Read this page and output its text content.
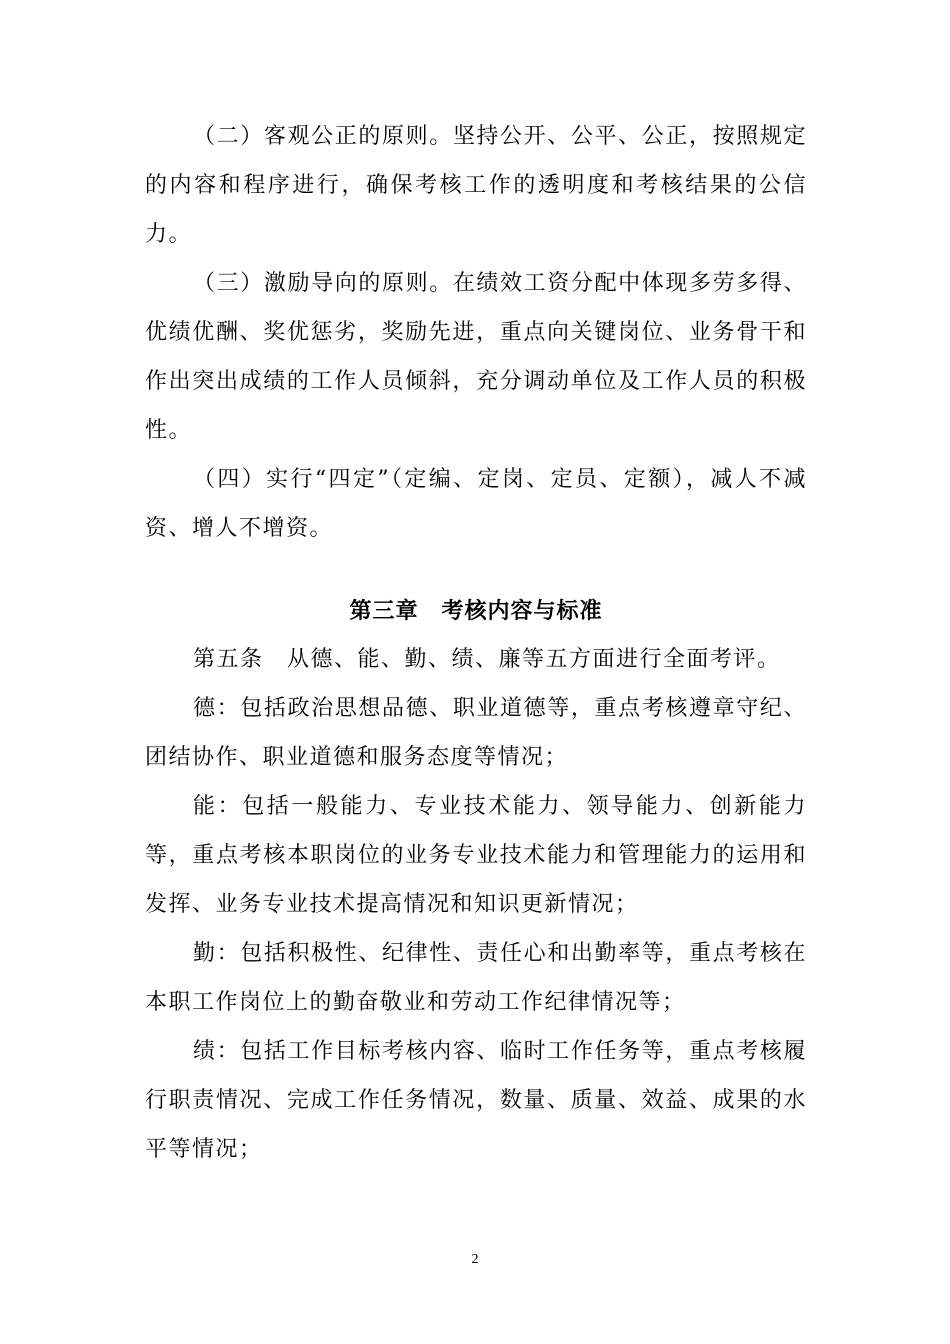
（二）客观公正的原则。坚持公开、公平、公正，按照规定的内容和程序进行，确保考核工作的透明度和考核结果的公信力。

（三）激励导向的原则。在绩效工资分配中体现多劳多得、优绩优酬、奖优惩劣，奖励先进，重点向关键岗位、业务骨干和作出突出成绩的工作人员倾斜，充分调动单位及工作人员的积极性。

（四）实行“四定”（定编、定岗、定员、定额），减人不减资、增人不增资。

第三章　考核内容与标准

第五条　从德、能、勤、绩、廉等五方面进行全面考评。

德：包括政治思想品德、职业道德等，重点考核遵章守纪、团结协作、职业道德和服务态度等情况；

能：包括一般能力、专业技术能力、领导能力、创新能力等，重点考核本职岗位的业务专业技术能力和管理能力的运用和发挥、业务专业技术提高情况和知识更新情况；

勤：包括积极性、纪律性、责任心和出勤率等，重点考核在本职工作岗位上的勤奋敬业和劳动工作纪律情况等；

绩：包括工作目标考核内容、临时工作任务等，重点考核履行职责情况、完成工作任务情况，数量、质量、效益、成果的水平等情况；

2
